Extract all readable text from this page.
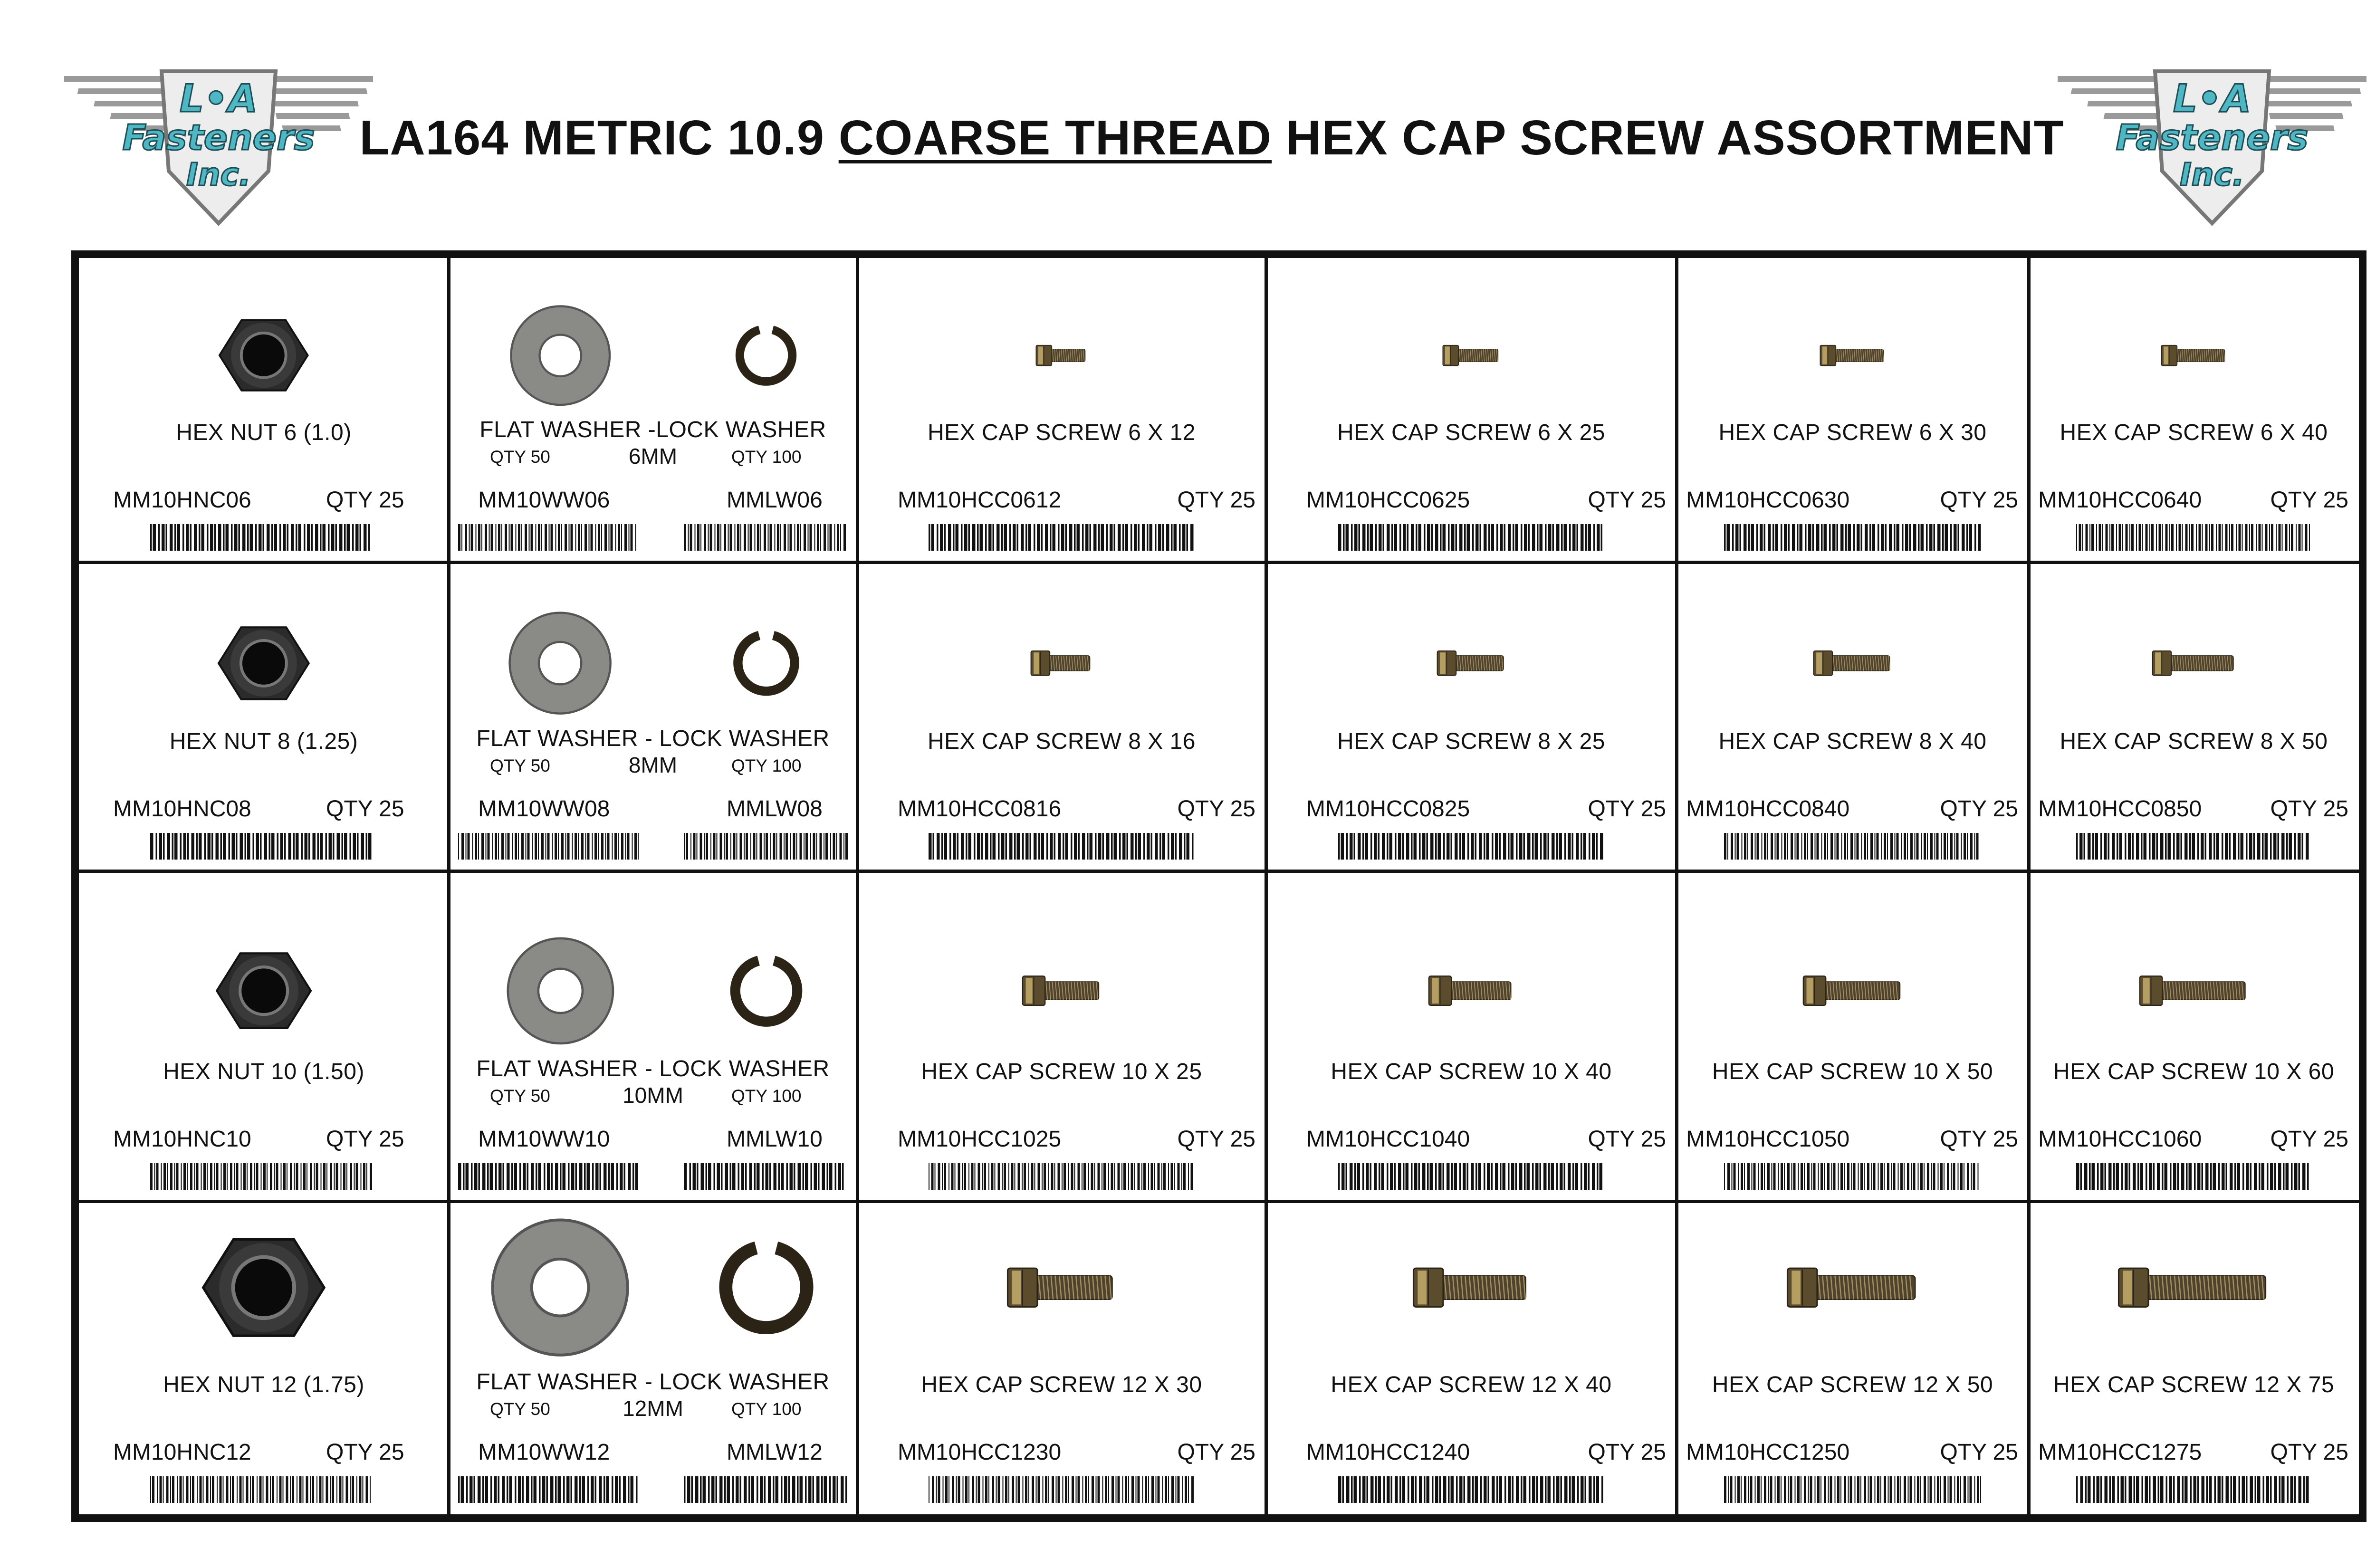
L•A
Fasteners
Inc.
L•A
Fasteners
Inc.
LA164 METRIC 10.9 COARSE THREAD HEX CAP SCREW ASSORTMENT
HEX NUT 6 (1.0)
MM10HNC06	QTY 25
FLAT WASHER -LOCK WASHER
QTY 50	6MM	QTY 100
MM10WW06	MMLW06
HEX CAP SCREW 6 X 12
MM10HCC0612	QTY 25
HEX CAP SCREW 6 X 25
MM10HCC0625	QTY 25
HEX CAP SCREW 6 X 30
MM10HCC0630	QTY 25
HEX CAP SCREW 6 X 40
MM10HCC0640	QTY 25
HEX NUT 8 (1.25)
MM10HNC08	QTY 25
FLAT WASHER - LOCK WASHER
QTY 50	8MM	QTY 100
MM10WW08	MMLW08
HEX CAP SCREW 8 X 16
MM10HCC0816	QTY 25
HEX CAP SCREW 8 X 25
MM10HCC0825	QTY 25
HEX CAP SCREW 8 X 40
MM10HCC0840	QTY 25
HEX CAP SCREW 8 X 50
MM10HCC0850	QTY 25
HEX NUT 10 (1.50)
MM10HNC10	QTY 25
FLAT WASHER - LOCK WASHER
QTY 50	10MM	QTY 100
MM10WW10	MMLW10
HEX CAP SCREW 10 X 25
MM10HCC1025	QTY 25
HEX CAP SCREW 10 X 40
MM10HCC1040	QTY 25
HEX CAP SCREW 10 X 50
MM10HCC1050	QTY 25
HEX CAP SCREW 10 X 60
MM10HCC1060	QTY 25
HEX NUT 12 (1.75)
MM10HNC12	QTY 25
FLAT WASHER - LOCK WASHER
QTY 50	12MM	QTY 100
MM10WW12	MMLW12
HEX CAP SCREW 12 X 30
MM10HCC1230	QTY 25
HEX CAP SCREW 12 X 40
MM10HCC1240	QTY 25
HEX CAP SCREW 12 X 50
MM10HCC1250	QTY 25
HEX CAP SCREW 12 X 75
MM10HCC1275	QTY 25
